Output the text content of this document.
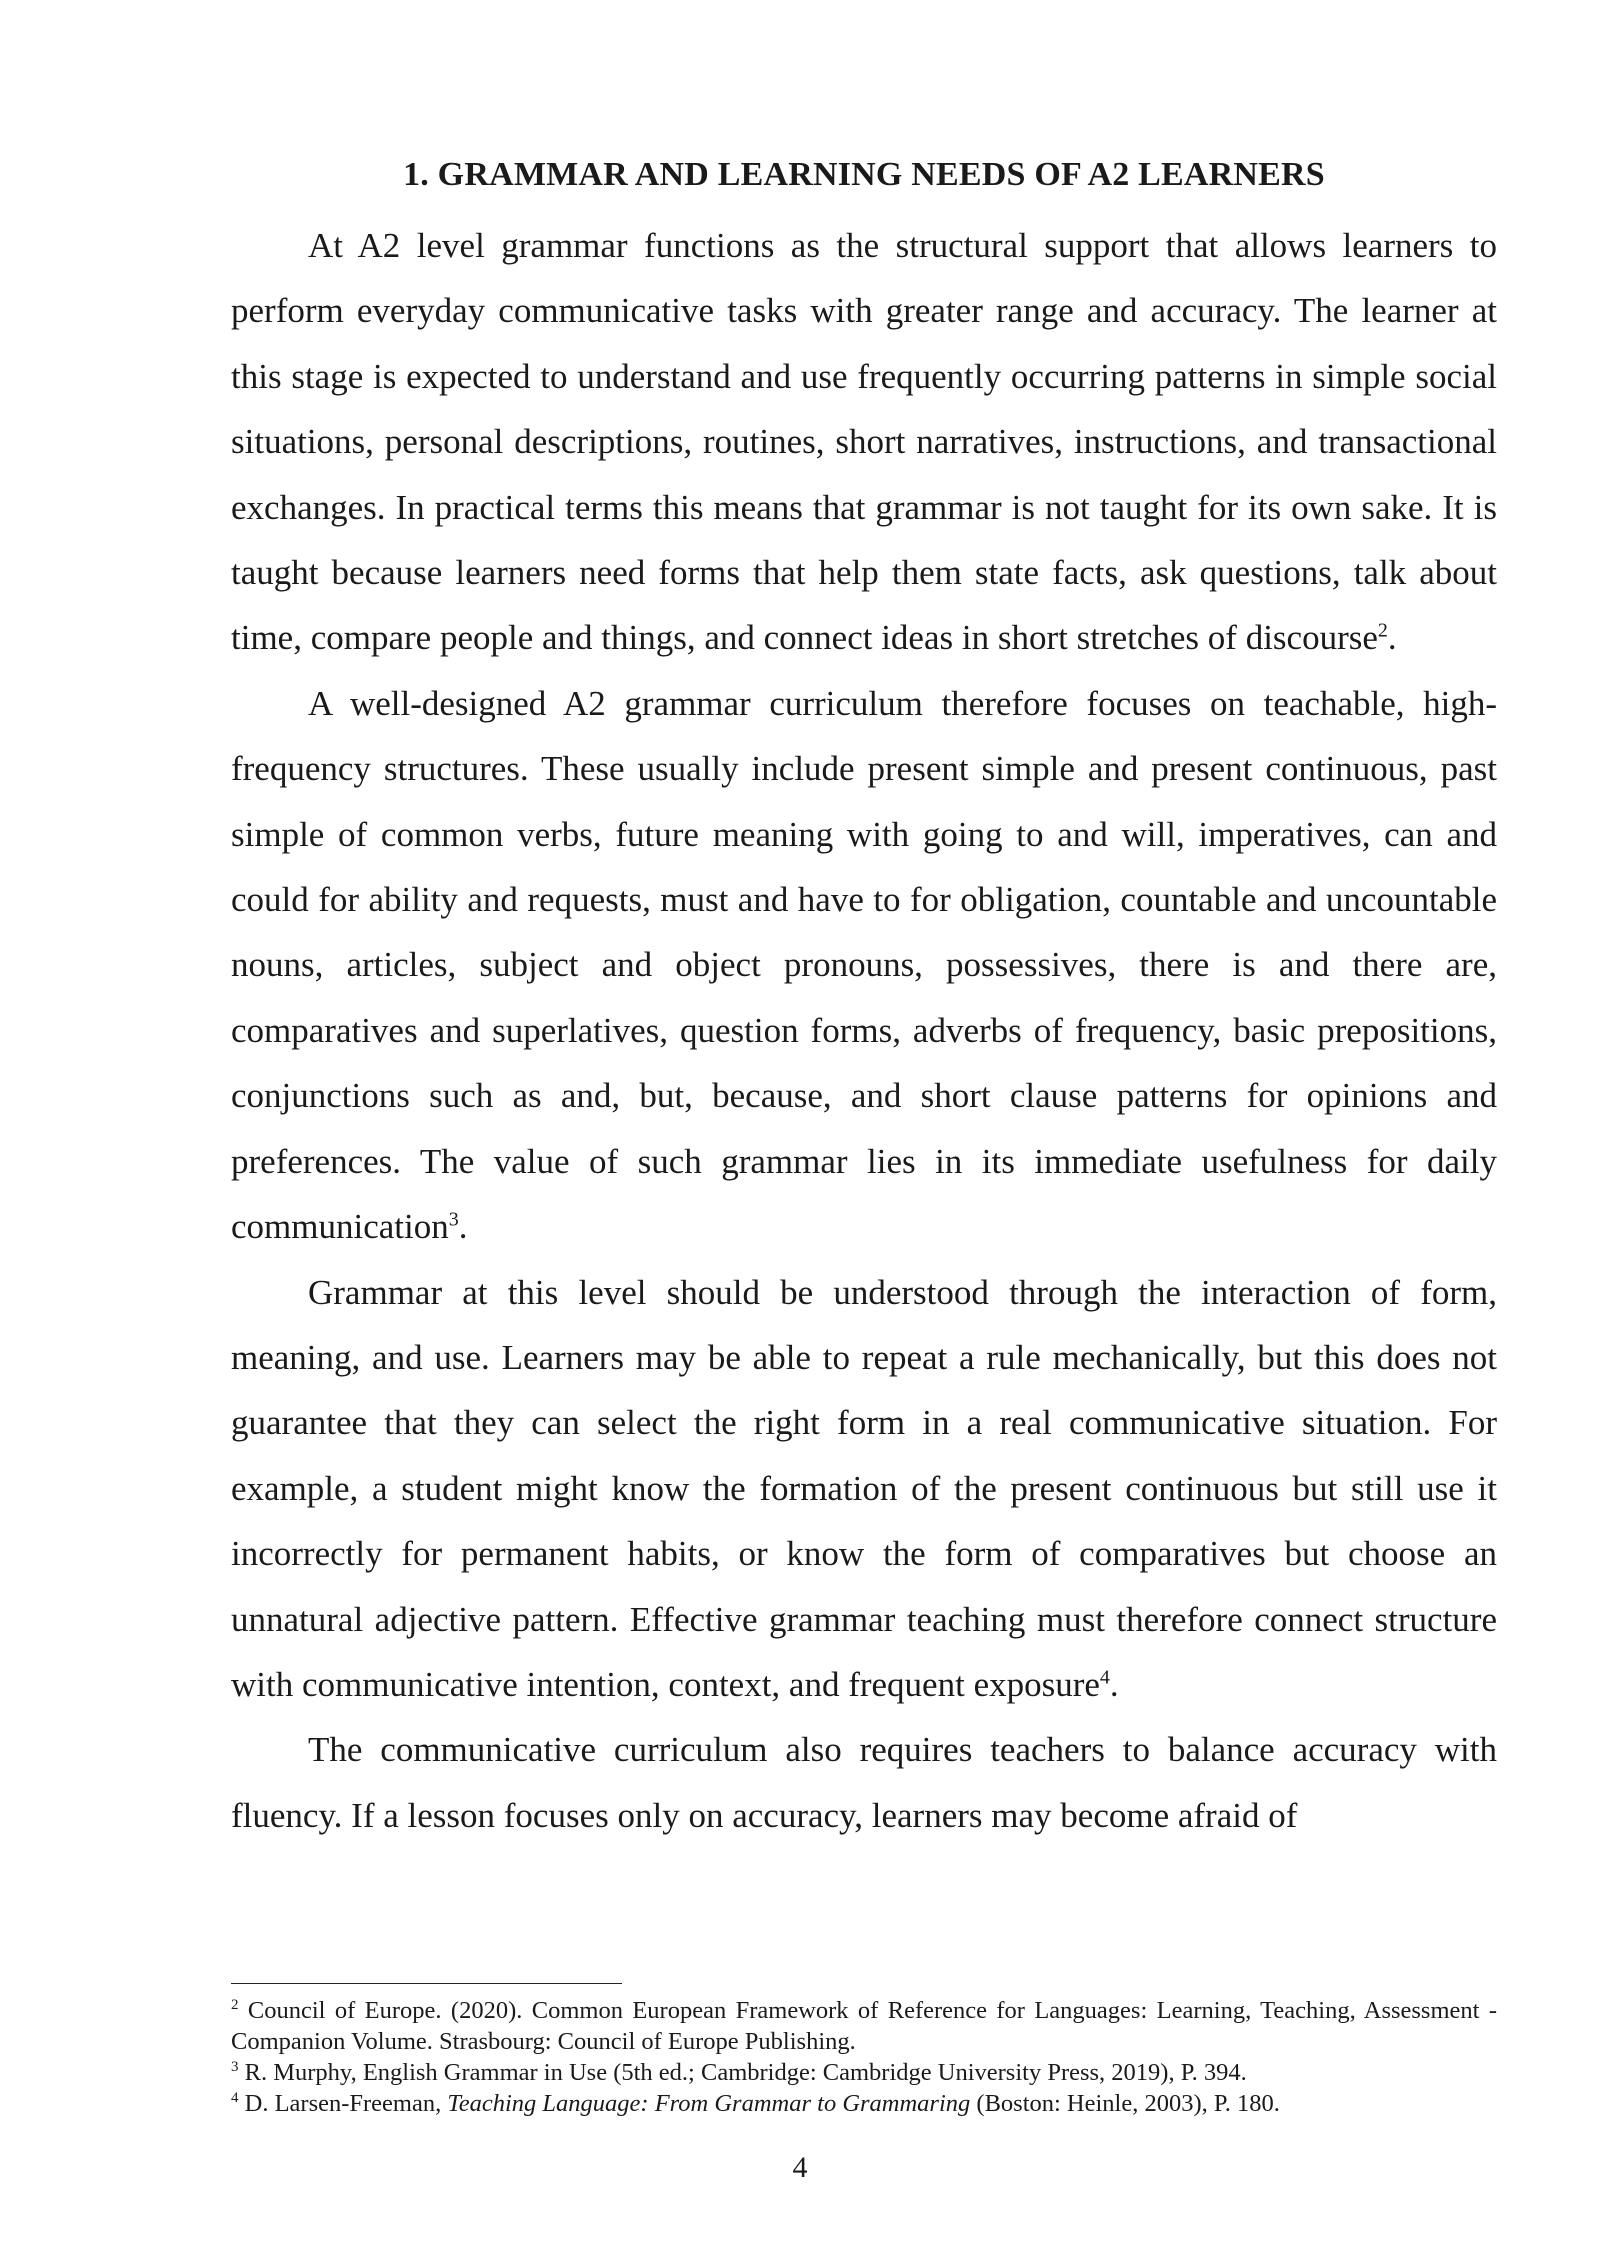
1. GRAMMAR AND LEARNING NEEDS OF A2 LEARNERS

At A2 level grammar functions as the structural support that allows learners to perform everyday communicative tasks with greater range and accuracy. The learner at this stage is expected to understand and use frequently occurring patterns in simple social situations, personal descriptions, routines, short narratives, instructions, and transactional exchanges. In practical terms this means that grammar is not taught for its own sake. It is taught because learners need forms that help them state facts, ask questions, talk about time, compare people and things, and connect ideas in short stretches of discourse$^2$.

A well-designed A2 grammar curriculum therefore focuses on teachable, high-frequency structures. These usually include present simple and present continuous, past simple of common verbs, future meaning with going to and will, imperatives, can and could for ability and requests, must and have to for obligation, countable and uncountable nouns, articles, subject and object pronouns, possessives, there is and there are, comparatives and superlatives, question forms, adverbs of frequency, basic prepositions, conjunctions such as and, but, because, and short clause patterns for opinions and preferences. The value of such grammar lies in its immediate usefulness for daily communication$^3$.

Grammar at this level should be understood through the interaction of form, meaning, and use. Learners may be able to repeat a rule mechanically, but this does not guarantee that they can select the right form in a real communicative situation. For example, a student might know the formation of the present continuous but still use it incorrectly for permanent habits, or know the form of comparatives but choose an unnatural adjective pattern. Effective grammar teaching must therefore connect structure with communicative intention, context, and frequent exposure$^4$.

The communicative curriculum also requires teachers to balance accuracy with fluency. If a lesson focuses only on accuracy, learners may become afraid of

$^2$ Council of Europe. (2020). Common European Framework of Reference for Languages: Learning, Teaching, Assessment - Companion Volume. Strasbourg: Council of Europe Publishing.

$^3$ R. Murphy, English Grammar in Use (5th ed.; Cambridge: Cambridge University Press, 2019), P. 394.

$^4$ D. Larsen-Freeman, Teaching Language: From Grammar to Grammaring (Boston: Heinle, 2003), P. 180.

4
